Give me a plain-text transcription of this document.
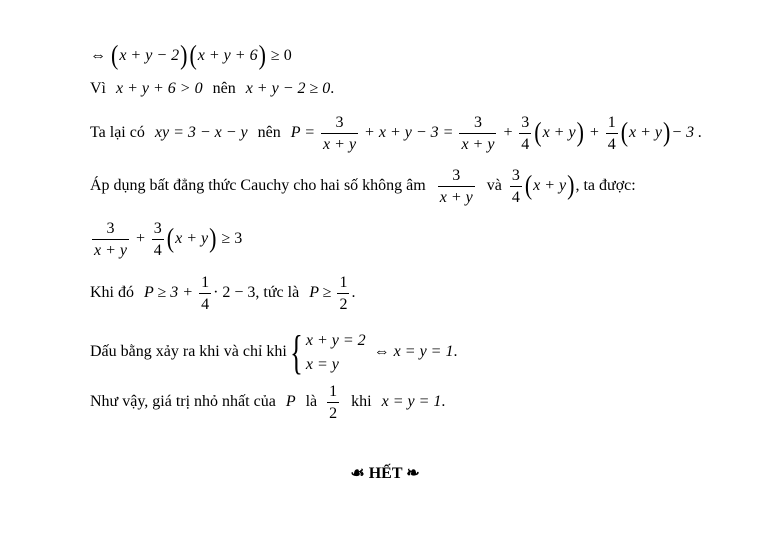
⇔ (x + y − 2)(x + y + 6) ≥ 0
Vì x + y + 6 > 0 nên x + y − 2 ≥ 0.
Ta lại có xy = 3 − x − y nên $P = \frac{3}{x + y} + x + y - 3 = \frac{3}{x + y} + \frac{3}{4} (x + y) + \frac{1}{4} (x + y)- 3$ .
Áp dụng bất đẳng thức Cauchy cho hai số không âm $\frac{3}{x + y}$ và $\frac{3}{4} (x + y)$, ta được:
$\frac{3}{x + y} + \frac{3}{4} (x + y) \ge 3$
Khi đó $P \ge 3 + \frac{1}{4} \cdot 2 - 3$, tức là $P \ge \frac{1}{2}$ .
Dấu bằng xảy ra khi và chỉ khi { x + y = 2
x = y
⇔ x = y = 1.
Như vậy, giá trị nhỏ nhất của P là $\frac{1}{2}$ khi x = y = 1.
☙ HẾT ❧
